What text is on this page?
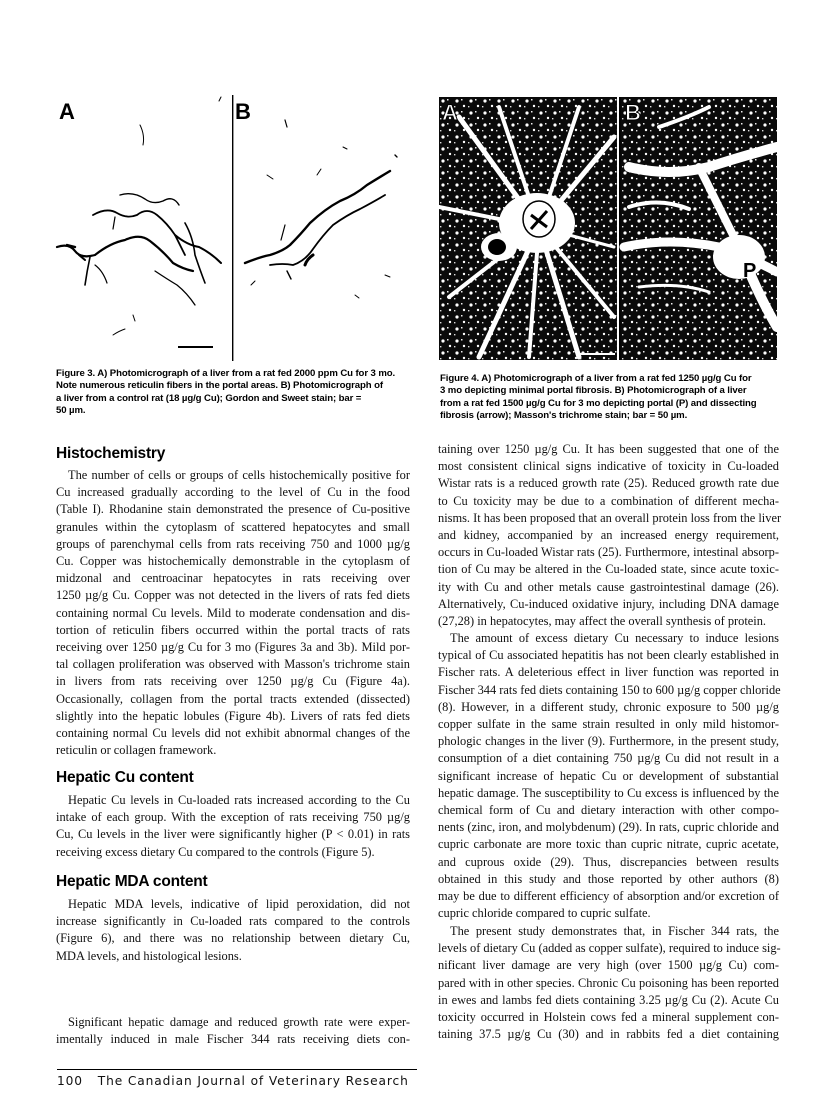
A	B
Figure 3. A) Photomicrograph of a liver from a rat fed 2000 ppm Cu for 3 mo.
Note numerous reticulin fibers in the portal areas. B) Photomicrograph of
a liver from a control rat (18 µg/g Cu); Gordon and Sweet stain; bar =
50 µm.
A	B
P
Figure 4. A) Photomicrograph of a liver from a rat fed 1250 µg/g Cu for
3 mo depicting minimal portal fibrosis. B) Photomicrograph of a liver
from a rat fed 1500 µg/g Cu for 3 mo depicting portal (P) and dissecting
fibrosis (arrow); Masson's trichrome stain; bar = 50 µm.
Histochemistry
The number of cells or groups of cells histochemically positive for
Cu increased gradually according to the level of Cu in the food
(Table I). Rhodanine stain demonstrated the presence of Cu-positive
granules within the cytoplasm of scattered hepatocytes and small
groups of parenchymal cells from rats receiving 750 and 1000 µg/g
Cu. Copper was histochemically demonstrable in the cytoplasm of
midzonal and centroacinar hepatocytes in rats receiving over
1250 µg/g Cu. Copper was not detected in the livers of rats fed diets
containing normal Cu levels. Mild to moderate condensation and dis-
tortion of reticulin fibers occurred within the portal tracts of rats
receiving over 1250 µg/g Cu for 3 mo (Figures 3a and 3b). Mild por-
tal collagen proliferation was observed with Masson's trichrome stain
in livers from rats receiving over 1250 µg/g Cu (Figure 4a).
Occasionally, collagen from the portal tracts extended (dissected)
slightly into the hepatic lobules (Figure 4b). Livers of rats fed diets
containing normal Cu levels did not exhibit abnormal changes of the
reticulin or collagen framework.
Hepatic Cu content
Hepatic Cu levels in Cu-loaded rats increased according to the Cu
intake of each group. With the exception of rats receiving 750 µg/g
Cu, Cu levels in the liver were significantly higher (P < 0.01) in rats
receiving excess dietary Cu compared to the controls (Figure 5).
Hepatic MDA content
Hepatic MDA levels, indicative of lipid peroxidation, did not
increase significantly in Cu-loaded rats compared to the controls
(Figure 6), and there was no relationship between dietary Cu,
MDA levels, and histological lesions.
Significant hepatic damage and reduced growth rate were exper-
imentally induced in male Fischer 344 rats receiving diets con-
taining over 1250 µg/g Cu. It has been suggested that one of the
most consistent clinical signs indicative of toxicity in Cu-loaded
Wistar rats is a reduced growth rate (25). Reduced growth rate due
to Cu toxicity may be due to a combination of different mecha-
nisms. It has been proposed that an overall protein loss from the liver
and kidney, accompanied by an increased energy requirement,
occurs in Cu-loaded Wistar rats (25). Furthermore, intestinal absorp-
tion of Cu may be altered in the Cu-loaded state, since acute toxic-
ity with Cu and other metals cause gastrointestinal damage (26).
Alternatively, Cu-induced oxidative injury, including DNA damage
(27,28) in hepatocytes, may affect the overall synthesis of protein.
The amount of excess dietary Cu necessary to induce lesions
typical of Cu associated hepatitis has not been clearly established in
Fischer rats. A deleterious effect in liver function was reported in
Fischer 344 rats fed diets containing 150 to 600 µg/g copper chloride
(8). However, in a different study, chronic exposure to 500 µg/g
copper sulfate in the same strain resulted in only mild histomor-
phologic changes in the liver (9). Furthermore, in the present study,
consumption of a diet containing 750 µg/g Cu did not result in a
significant increase of hepatic Cu or development of substantial
hepatic damage. The susceptibility to Cu excess is influenced by the
chemical form of Cu and dietary interaction with other compo-
nents (zinc, iron, and molybdenum) (29). In rats, cupric chloride and
cupric carbonate are more toxic than cupric nitrate, cupric acetate,
and cuprous oxide (29). Thus, discrepancies between results
obtained in this study and those reported by other authors (8)
may be due to different efficiency of absorption and/or excretion of
cupric chloride compared to cupric sulfate.
The present study demonstrates that, in Fischer 344 rats, the
levels of dietary Cu (added as copper sulfate), required to induce sig-
nificant liver damage are very high (over 1500 µg/g Cu) com-
pared with in other species. Chronic Cu poisoning has been reported
in ewes and lambs fed diets containing 3.25 µg/g Cu (2). Acute Cu
toxicity occurred in Holstein cows fed a mineral supplement con-
taining 37.5 µg/g Cu (30) and in rabbits fed a diet containing
100 The Canadian Journal of Veterinary Research
